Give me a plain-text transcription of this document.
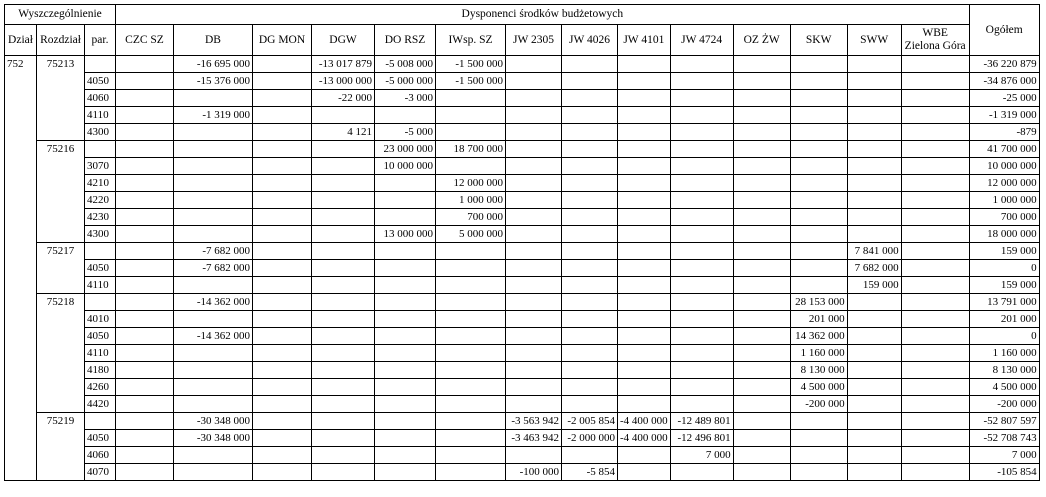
Wyszczególnienie			Dysponenci środków budżetowych														Ogółem
Dział	Rozdział	par.	CZC SZ	DB	DG MON	DGW	DO RSZ	IWsp. SZ	JW 2305	JW 4026	JW 4101	JW 4724	OZ ŻW	SKW	SWW	WBE
Zielona Góra	
752	75213			-16 695 000		-13 017 879	-5 008 000	-1 500 000									-36 220 879
		4050		-15 376 000		-13 000 000	-5 000 000	-1 500 000									-34 876 000
		4060				-22 000	-3 000										-25 000
		4110		-1 319 000													-1 319 000
		4300				4 121	-5 000										-879
	75216						23 000 000	18 700 000									41 700 000
		3070					10 000 000										10 000 000
		4210						12 000 000									12 000 000
		4220						1 000 000									1 000 000
		4230						700 000									700 000
		4300					13 000 000	5 000 000									18 000 000
	75217			-7 682 000											7 841 000		159 000
		4050		-7 682 000											7 682 000		0
		4110													159 000		159 000
	75218			-14 362 000										28 153 000			13 791 000
		4010												201 000			201 000
		4050		-14 362 000										14 362 000			0
		4110												1 160 000			1 160 000
		4180												8 130 000			8 130 000
		4260												4 500 000			4 500 000
		4420												-200 000			-200 000
	75219			-30 348 000					-3 563 942	-2 005 854	-4 400 000	-12 489 801					-52 807 597
		4050		-30 348 000					-3 463 942	-2 000 000	-4 400 000	-12 496 801					-52 708 743
		4060										7 000					7 000
		4070							-100 000	-5 854							-105 854
